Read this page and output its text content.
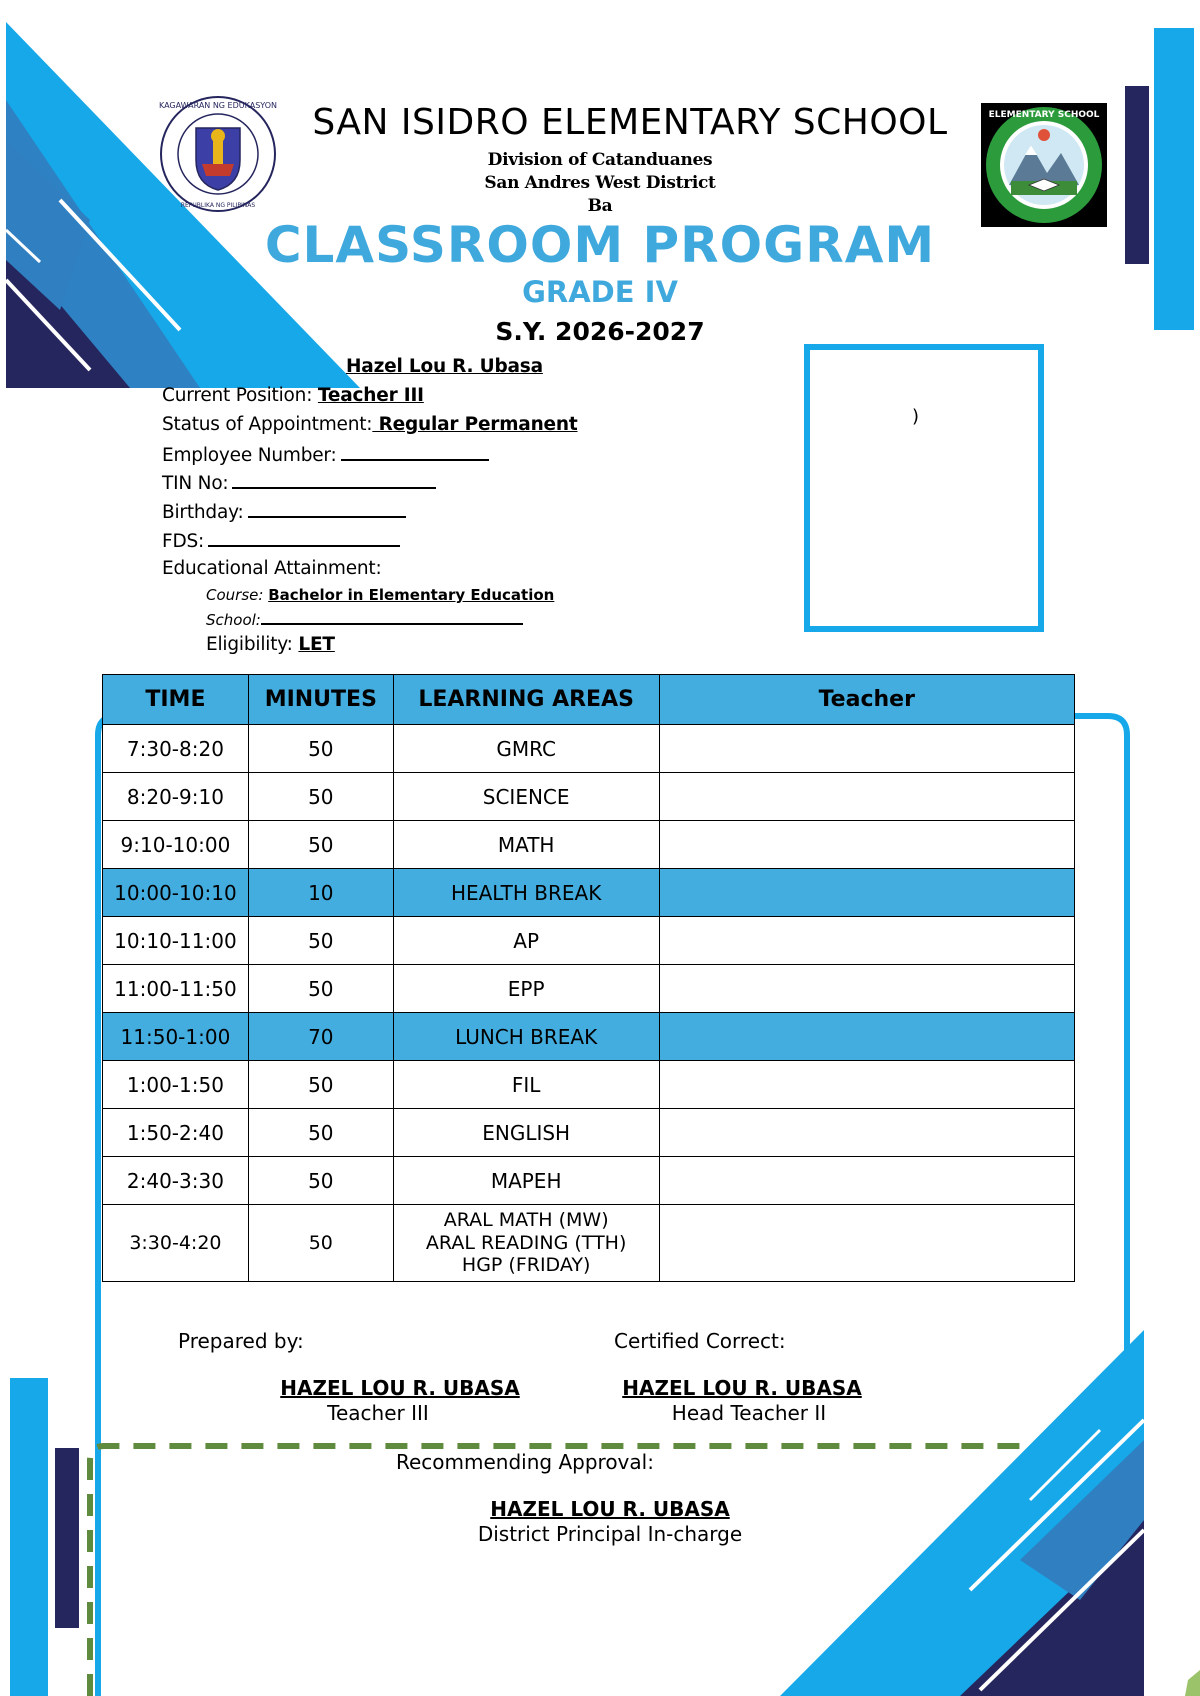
KAGAWARAN NG EDUKASYON
REPUBLIKA NG PILIPINAS
ELEMENTARY SCHOOL
SAN ISIDRO ELEMENTARY SCHOOL
Division of Catanduanes
San Andres West District
Ba
CLASSROOM PROGRAM
GRADE IV
S.Y. 2026-2027
Hazel Lou R. Ubasa
Current Position: Teacher III
Status of Appointment: Regular Permanent
Employee Number:
TIN No:
Birthday:
FDS:
Educational Attainment:
Course: Bachelor in Elementary Education
School:
Eligibility: LET
)
TIME	MINUTES	LEARNING AREAS	Teacher
7:30-8:20	50	GMRC	
8:20-9:10	50	SCIENCE	
9:10-10:00	50	MATH	
10:00-10:10	10	HEALTH BREAK	
10:10-11:00	50	AP	
11:00-11:50	50	EPP	
11:50-1:00	70	LUNCH BREAK	
1:00-1:50	50	FIL	
1:50-2:40	50	ENGLISH	
2:40-3:30	50	MAPEH	
3:30-4:20	50	ARAL MATH (MW)
ARAL READING (TTH)
HGP (FRIDAY)	

Prepared by:
HAZEL LOU R. UBASA
Teacher III
Certified Correct:
HAZEL LOU R. UBASA
Head Teacher II
Recommending Approval:
HAZEL LOU R. UBASA
District Principal In-charge
